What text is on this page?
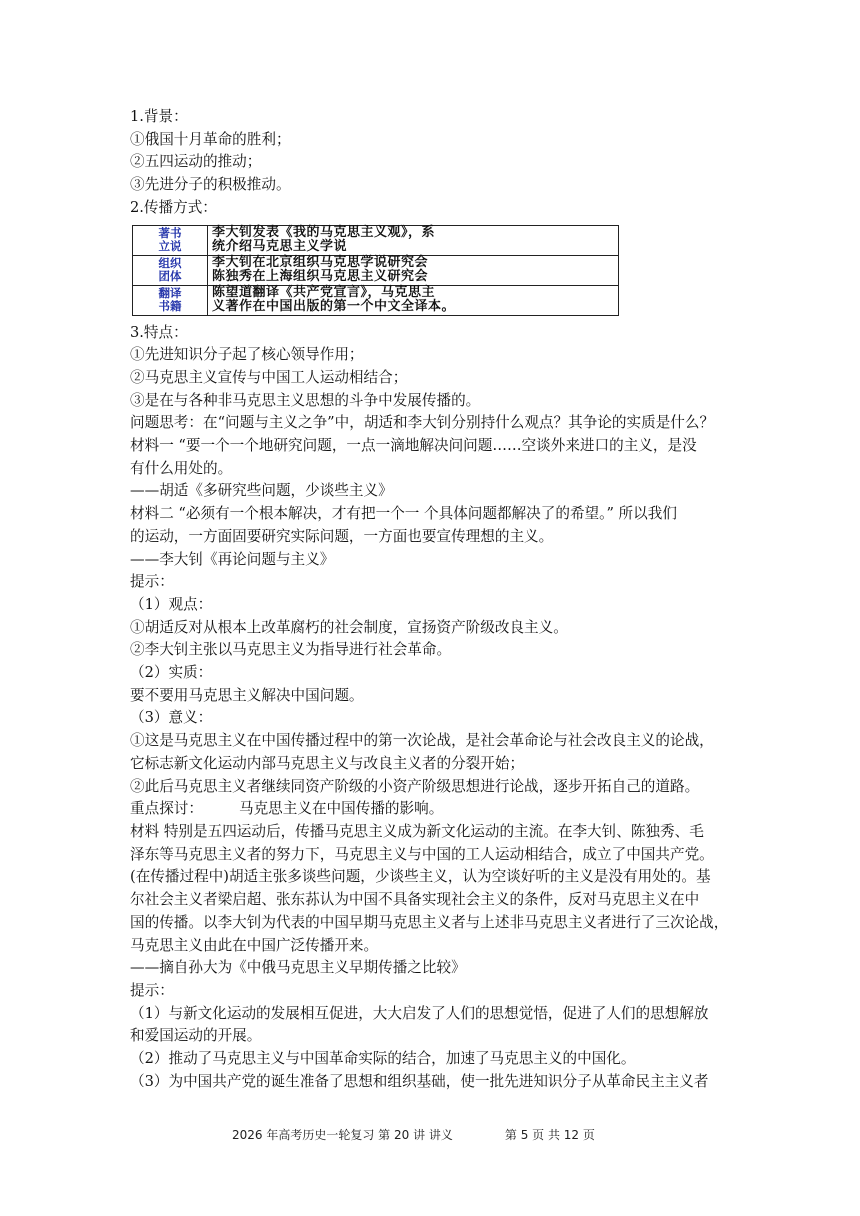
1.背景：

①俄国十月革命的胜利；

②五四运动的推动；

③先进分子的积极推动。

2.传播方式：

著书
立说	李大钊发表《我的马克思主义观》，系
统介绍马克思主义学说
组织
团体	李大钊在北京组织马克思学说研究会
陈独秀在上海组织马克思主义研究会
翻译
书籍	陈望道翻译《共产党宣言》，马克思主
义著作在中国出版的第一个中文全译本。

3.特点：

①先进知识分子起了核心领导作用；

②马克思主义宣传与中国工人运动相结合；

③是在与各种非马克思主义思想的斗争中发展传播的。

问题思考：在“问题与主义之争”中，胡适和李大钊分别持什么观点？其争论的实质是什么？

材料一 “要一个一个地研究问题，一点一滴地解决问问题……空谈外来进口的主义，是没

有什么用处的。

——胡适《多研究些问题，少谈些主义》

材料二 “必须有一个根本解决，才有把一个一 个具体问题都解决了的希望。” 所以我们

的运动，一方面固要研究实际问题，一方面也要宣传理想的主义。

——李大钊《再论问题与主义》

提示：

（1）观点：

①胡适反对从根本上改革腐朽的社会制度，宣扬资产阶级改良主义。

②李大钊主张以马克思主义为指导进行社会革命。

（2）实质：

要不要用马克思主义解决中国问题。

（3）意义：

①这是马克思主义在中国传播过程中的第一次论战，是社会革命论与社会改良主义的论战，

它标志新文化运动内部马克思主义与改良主义者的分裂开始；

②此后马克思主义者继续同资产阶级的小资产阶级思想进行论战，逐步开拓自己的道路。

重点探讨： 马克思主义在中国传播的影响。

材料 特别是五四运动后，传播马克思主义成为新文化运动的主流。在李大钊、陈独秀、毛

泽东等马克思主义者的努力下，马克思主义与中国的工人运动相结合，成立了中国共产党。

(在传播过程中)胡适主张多谈些问题，少谈些主义，认为空谈好听的主义是没有用处的。基

尔社会主义者梁启超、张东荪认为中国不具备实现社会主义的条件，反对马克思主义在中

国的传播。以李大钊为代表的中国早期马克思主义者与上述非马克思主义者进行了三次论战，

马克思主义由此在中国广泛传播开来。

——摘自孙大为《中俄马克思主义早期传播之比较》

提示：

（1）与新文化运动的发展相互促进，大大启发了人们的思想觉悟，促进了人们的思想解放

和爱国运动的开展。

（2）推动了马克思主义与中国革命实际的结合，加速了马克思主义的中国化。

（3）为中国共产党的诞生准备了思想和组织基础，使一批先进知识分子从革命民主主义者

2026 年高考历史一轮复习 第 20 讲 讲义	第 5 页 共 12 页
